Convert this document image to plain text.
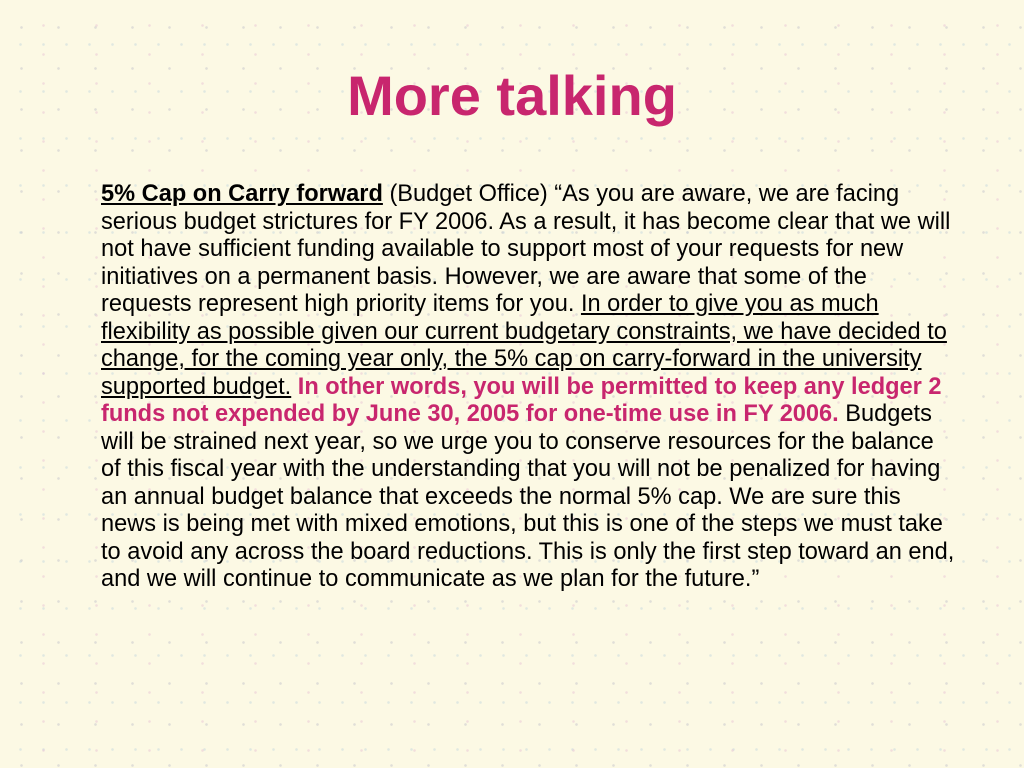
More talking

5% Cap on Carry forward (Budget Office) “As you are aware, we are facing serious budget strictures for FY 2006. As a result, it has become clear that we will not have sufficient funding available to support most of your requests for new initiatives on a permanent basis. However, we are aware that some of the requests represent high priority items for you. In order to give you as much flexibility as possible given our current budgetary constraints, we have decided to change, for the coming year only, the 5% cap on carry-forward in the university supported budget. In other words, you will be permitted to keep any ledger 2 funds not expended by June 30, 2005 for one-time use in FY 2006. Budgets will be strained next year, so we urge you to conserve resources for the balance of this fiscal year with the understanding that you will not be penalized for having an annual budget balance that exceeds the normal 5% cap. We are sure this news is being met with mixed emotions, but this is one of the steps we must take to avoid any across the board reductions. This is only the first step toward an end, and we will continue to communicate as we plan for the future.”
